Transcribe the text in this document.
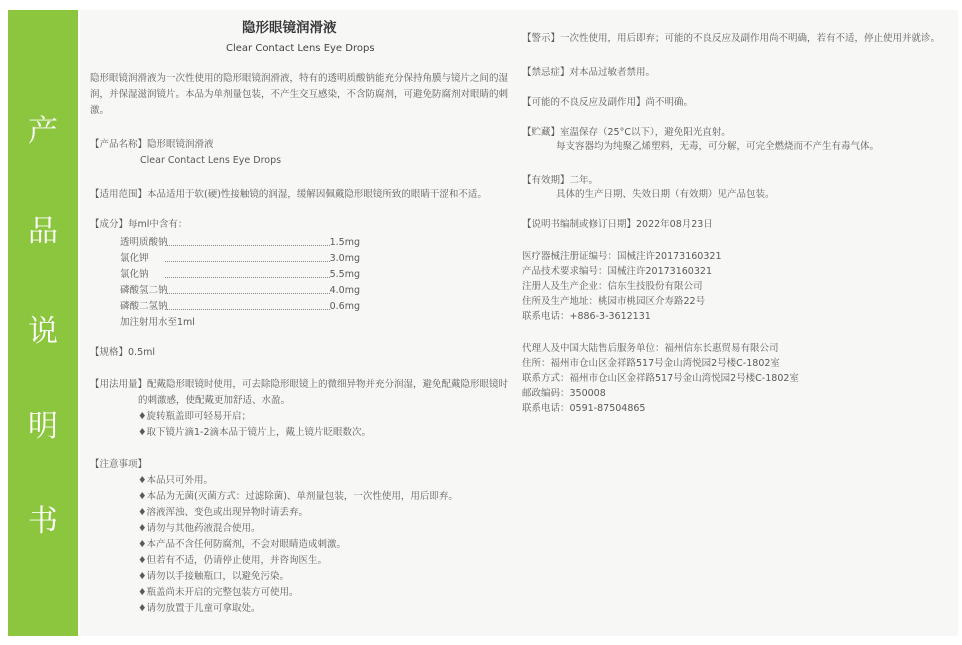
产
品
说
明
书
隐形眼镜润滑液
Clear Contact Lens Eye Drops
隐形眼镜润滑液为一次性使用的隐形眼镜润滑液，特有的透明质酸钠能充分保持角膜与镜片之间的湿
润，并保湿滋润镜片。本品为单剂量包装，不产生交互感染，不含防腐剂，可避免防腐剂对眼睛的刺
激。
【产品名称】隐形眼镜润滑液
Clear Contact Lens Eye Drops
【适用范围】本品适用于软(硬)性接触镜的润湿，缓解因佩戴隐形眼镜所致的眼睛干涩和不适。
【成分】每ml中含有：
透明质酸钠	1.5mg
氯化钾	3.0mg
氯化钠	5.5mg
磷酸氢二钠	4.0mg
磷酸二氢钠	0.6mg
加注射用水至1ml
【规格】0.5ml
【用法用量】配戴隐形眼镜时使用，可去除隐形眼镜上的微细异物并充分润湿，避免配戴隐形眼镜时
的刺激感，使配戴更加舒适、水盈。
♦旋转瓶盖即可轻易开启；
♦取下镜片滴1-2滴本品于镜片上，戴上镜片眨眼数次。
【注意事项】
♦本品只可外用。
♦本品为无菌(灭菌方式：过滤除菌)、单剂量包装，一次性使用，用后即弃。
♦溶液浑浊、变色或出现异物时请丢弃。
♦请勿与其他药液混合使用。
♦本产品不含任何防腐剂，不会对眼睛造成刺激。
♦但若有不适，仍请停止使用，并咨询医生。
♦请勿以手接触瓶口，以避免污染。
♦瓶盖尚未开启的完整包装方可使用。
♦请勿放置于儿童可拿取处。
【警示】一次性使用，用后即弃；可能的不良反应及副作用尚不明确，若有不适，停止使用并就诊。
【禁忌症】对本品过敏者禁用。
【可能的不良反应及副作用】尚不明确。
【贮藏】室温保存（25°C以下），避免阳光直射。
每支容器均为纯聚乙烯塑料，无毒，可分解，可完全燃烧而不产生有毒气体。
【有效期】二年。
具体的生产日期、失效日期（有效期）见产品包装。
【说明书编制或修订日期】2022年08月23日
医疗器械注册证编号：国械注许20173160321
产品技术要求编号：国械注许20173160321
注册人及生产企业：信东生技股份有限公司
住所及生产地址：桃园市桃园区介寿路22号
联系电话：+886-3-3612131
代理人及中国大陆售后服务单位：福州信东长惠贸易有限公司
住所：福州市仓山区金祥路517号金山湾悦园2号楼C-1802室
联系方式：福州市仓山区金祥路517号金山湾悦园2号楼C-1802室
邮政编码：350008
联系电话：0591-87504865
